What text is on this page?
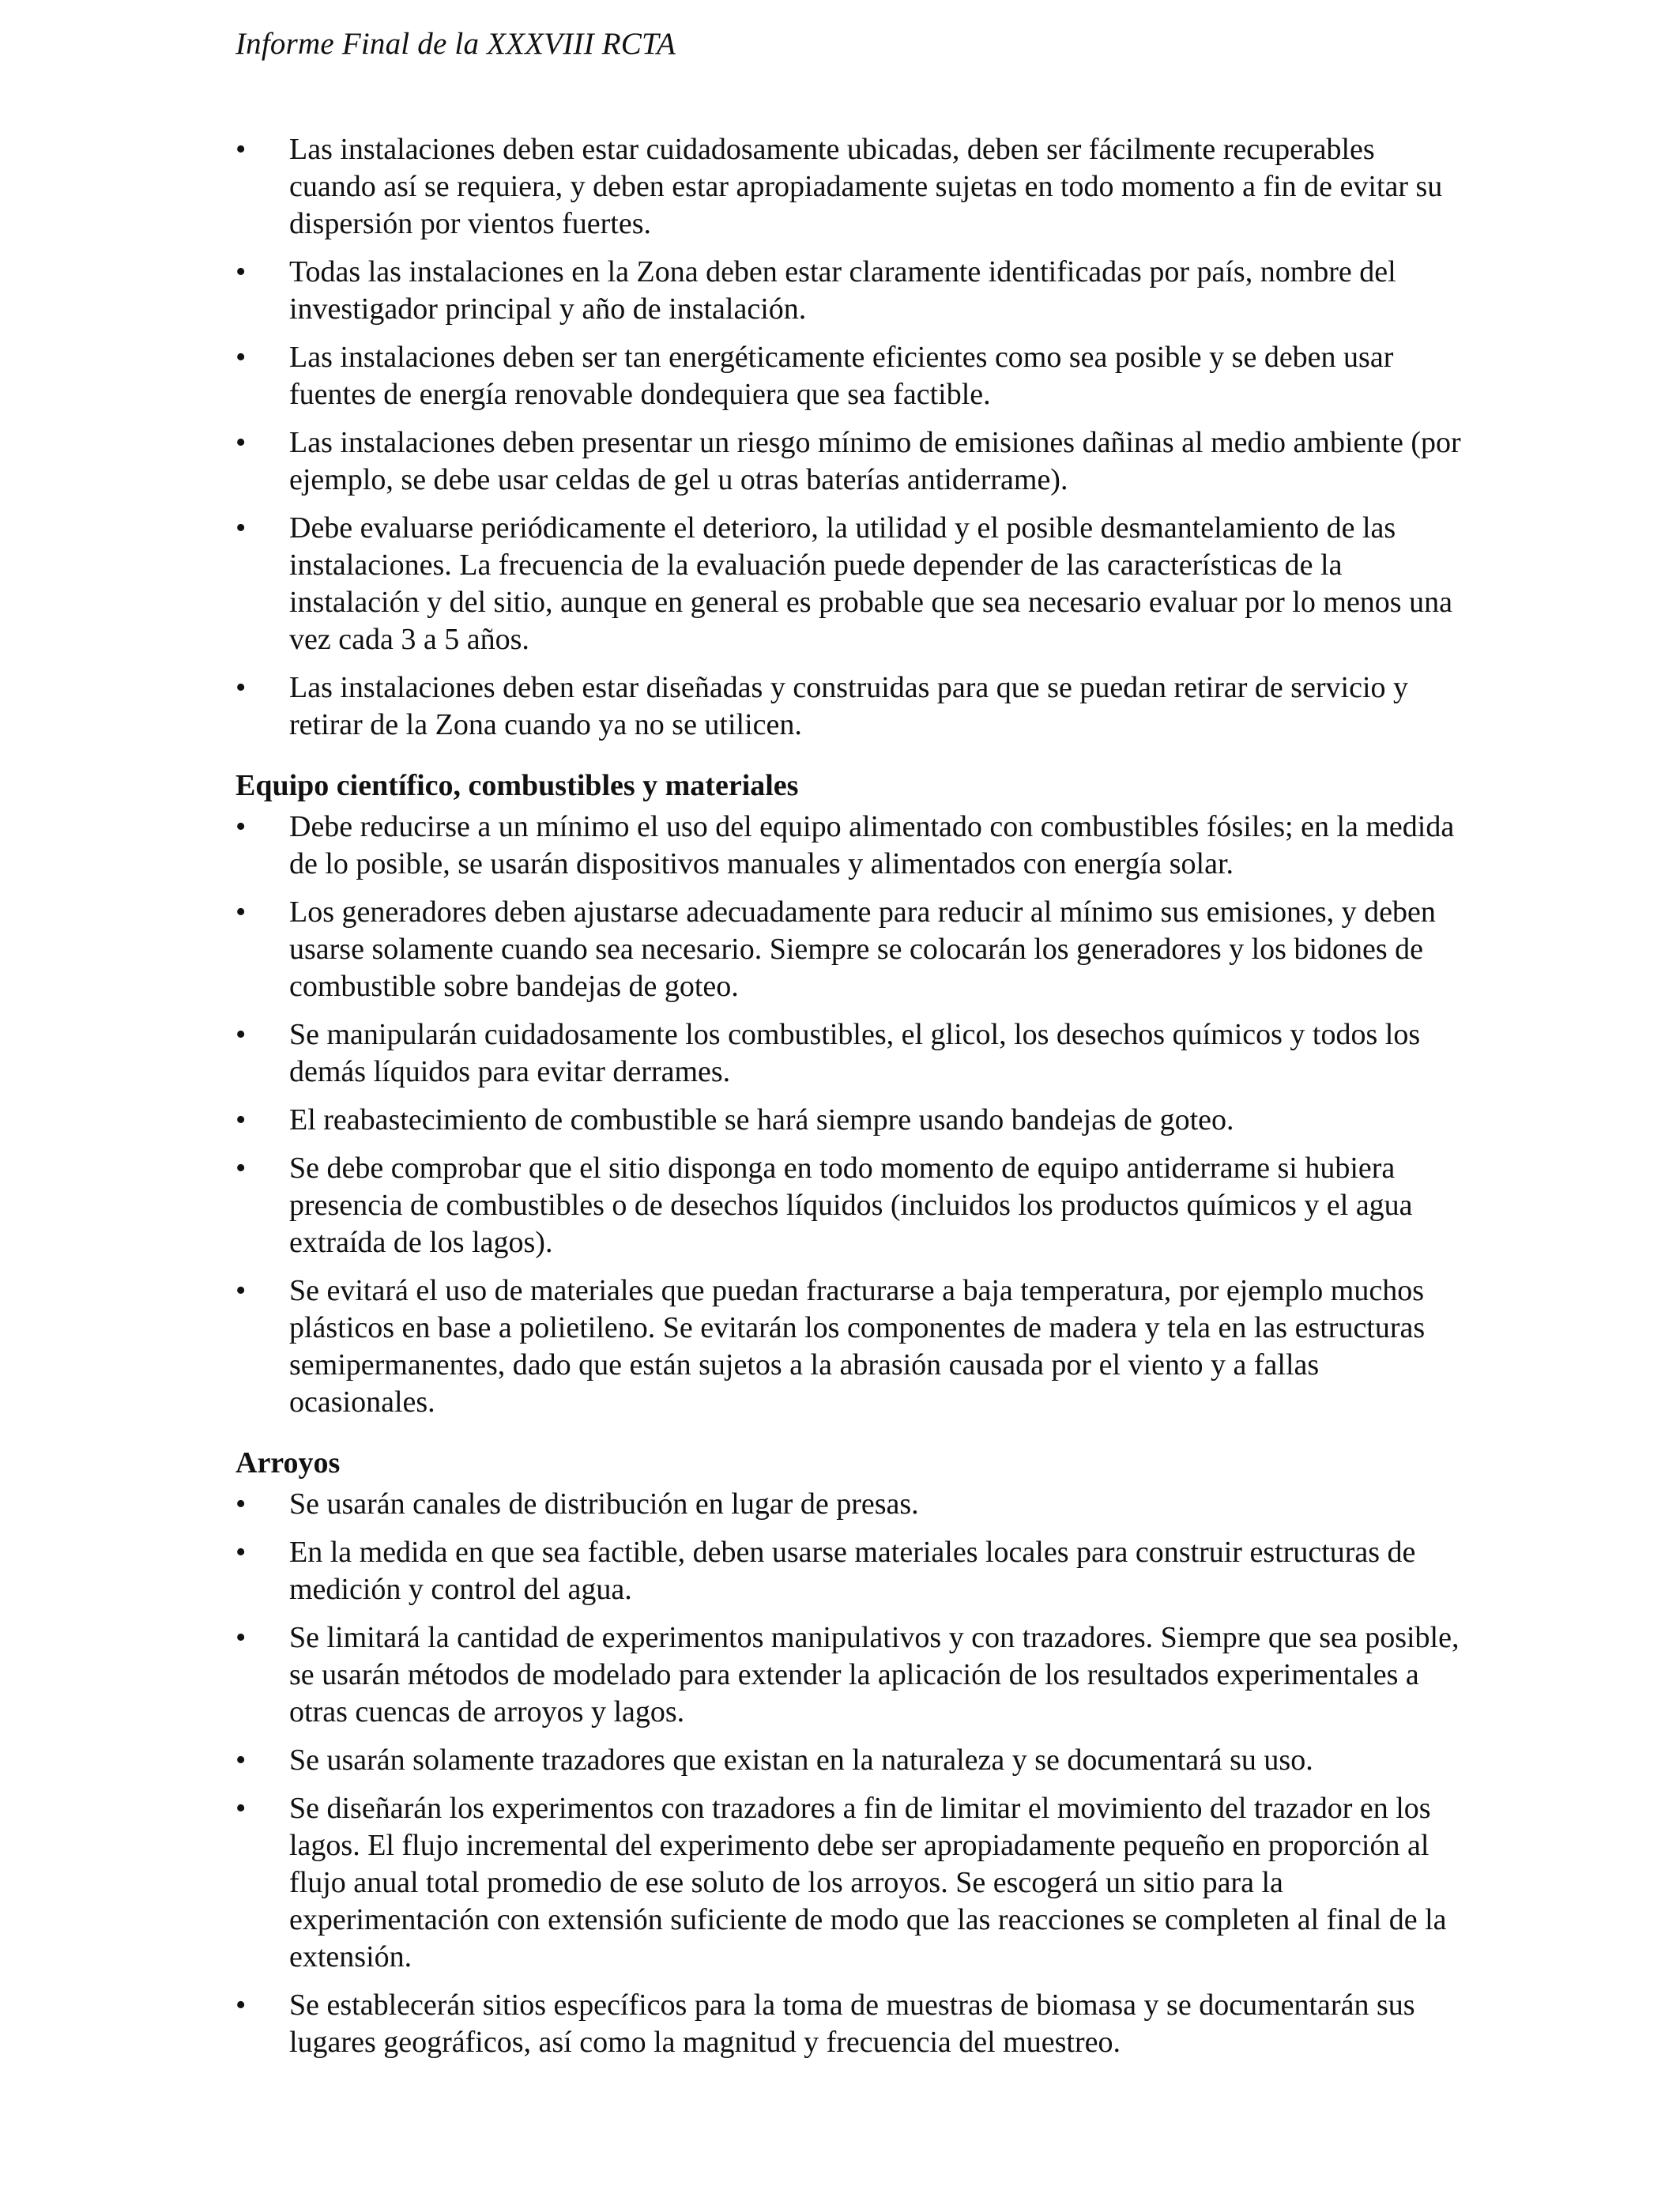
Informe Final de la XXXVIII RCTA
• Las instalaciones deben estar cuidadosamente ubicadas, deben ser fácilmente recuperables cuando así se requiera, y deben estar apropiadamente sujetas en todo momento a fin de evitar su dispersión por vientos fuertes.
• Todas las instalaciones en la Zona deben estar claramente identificadas por país, nombre del investigador principal y año de instalación.
• Las instalaciones deben ser tan energéticamente eficientes como sea posible y se deben usar fuentes de energía renovable dondequiera que sea factible.
• Las instalaciones deben presentar un riesgo mínimo de emisiones dañinas al medio ambiente (por ejemplo, se debe usar celdas de gel u otras baterías antiderrame).
• Debe evaluarse periódicamente el deterioro, la utilidad y el posible desmantelamiento de las instalaciones. La frecuencia de la evaluación puede depender de las características de la instalación y del sitio, aunque en general es probable que sea necesario evaluar por lo menos una vez cada 3 a 5 años.
• Las instalaciones deben estar diseñadas y construidas para que se puedan retirar de servicio y retirar de la Zona cuando ya no se utilicen.
Equipo científico, combustibles y materiales
• Debe reducirse a un mínimo el uso del equipo alimentado con combustibles fósiles; en la medida de lo posible, se usarán dispositivos manuales y alimentados con energía solar.
• Los generadores deben ajustarse adecuadamente para reducir al mínimo sus emisiones, y deben usarse solamente cuando sea necesario. Siempre se colocarán los generadores y los bidones de combustible sobre bandejas de goteo.
• Se manipularán cuidadosamente los combustibles, el glicol, los desechos químicos y todos los demás líquidos para evitar derrames.
• El reabastecimiento de combustible se hará siempre usando bandejas de goteo.
• Se debe comprobar que el sitio disponga en todo momento de equipo antiderrame si hubiera presencia de combustibles o de desechos líquidos (incluidos los productos químicos y el agua extraída de los lagos).
• Se evitará el uso de materiales que puedan fracturarse a baja temperatura, por ejemplo muchos plásticos en base a polietileno. Se evitarán los componentes de madera y tela en las estructuras semipermanentes, dado que están sujetos a la abrasión causada por el viento y a fallas ocasionales.
Arroyos
• Se usarán canales de distribución en lugar de presas.
• En la medida en que sea factible, deben usarse materiales locales para construir estructuras de medición y control del agua.
• Se limitará la cantidad de experimentos manipulativos y con trazadores. Siempre que sea posible, se usarán métodos de modelado para extender la aplicación de los resultados experimentales a otras cuencas de arroyos y lagos.
• Se usarán solamente trazadores que existan en la naturaleza y se documentará su uso.
• Se diseñarán los experimentos con trazadores a fin de limitar el movimiento del trazador en los lagos. El flujo incremental del experimento debe ser apropiadamente pequeño en proporción al flujo anual total promedio de ese soluto de los arroyos. Se escogerá un sitio para la experimentación con extensión suficiente de modo que las reacciones se completen al final de la extensión.
• Se establecerán sitios específicos para la toma de muestras de biomasa y se documentarán sus lugares geográficos, así como la magnitud y frecuencia del muestreo.
